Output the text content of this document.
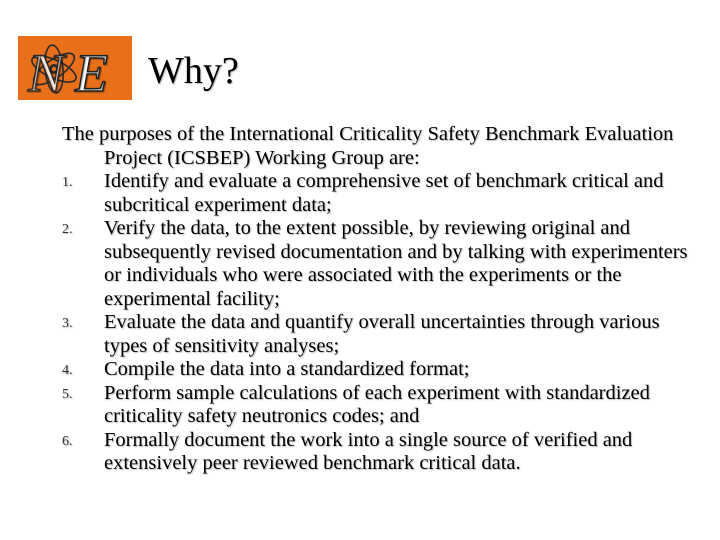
E
N Why?

The purposes of the International Criticality Safety Benchmark Evaluation Project (ICSBEP) Working Group are:

1.	Identify and evaluate a comprehensive set of benchmark critical and subcritical experiment data;
2.	Verify the data, to the extent possible, by reviewing original and subsequently revised documentation and by talking with experimenters or individuals who were associated with the experiments or the experimental facility;
3.	Evaluate the data and quantify overall uncertainties through various types of sensitivity analyses;
4.	Compile the data into a standardized format;
5.	Perform sample calculations of each experiment with standardized criticality safety neutronics codes; and
6.	Formally document the work into a single source of verified and extensively peer reviewed benchmark critical data.
